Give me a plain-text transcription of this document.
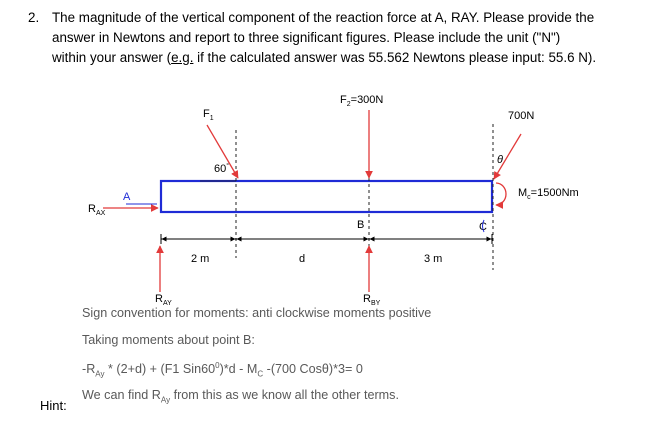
2. The magnitude of the vertical component of the reaction force at A, RAY. Please provide the
answer in Newtons and report to three significant figures. Please include the unit ("N")
within your answer (e.g. if the calculated answer was 55.562 Newtons please input: 55.6 N).
$F_1$
60°
$F_2=300N$
700N
θ
$M_c=1500Nm$
$R_{AX}$
A
B	C
2 m	d	3 m
$R_{AY}$	$R_{BY}$
Sign convention for moments: anti clockwise moments positive
Taking moments about point B:
$-R_{Ay} * (2+d) + (F1$ $Sin60^0)*d - M_C$ -(700 Cosθ)*3= 0
We can find $R_{Ay}$ from this as we know all the other terms.
Hint:
